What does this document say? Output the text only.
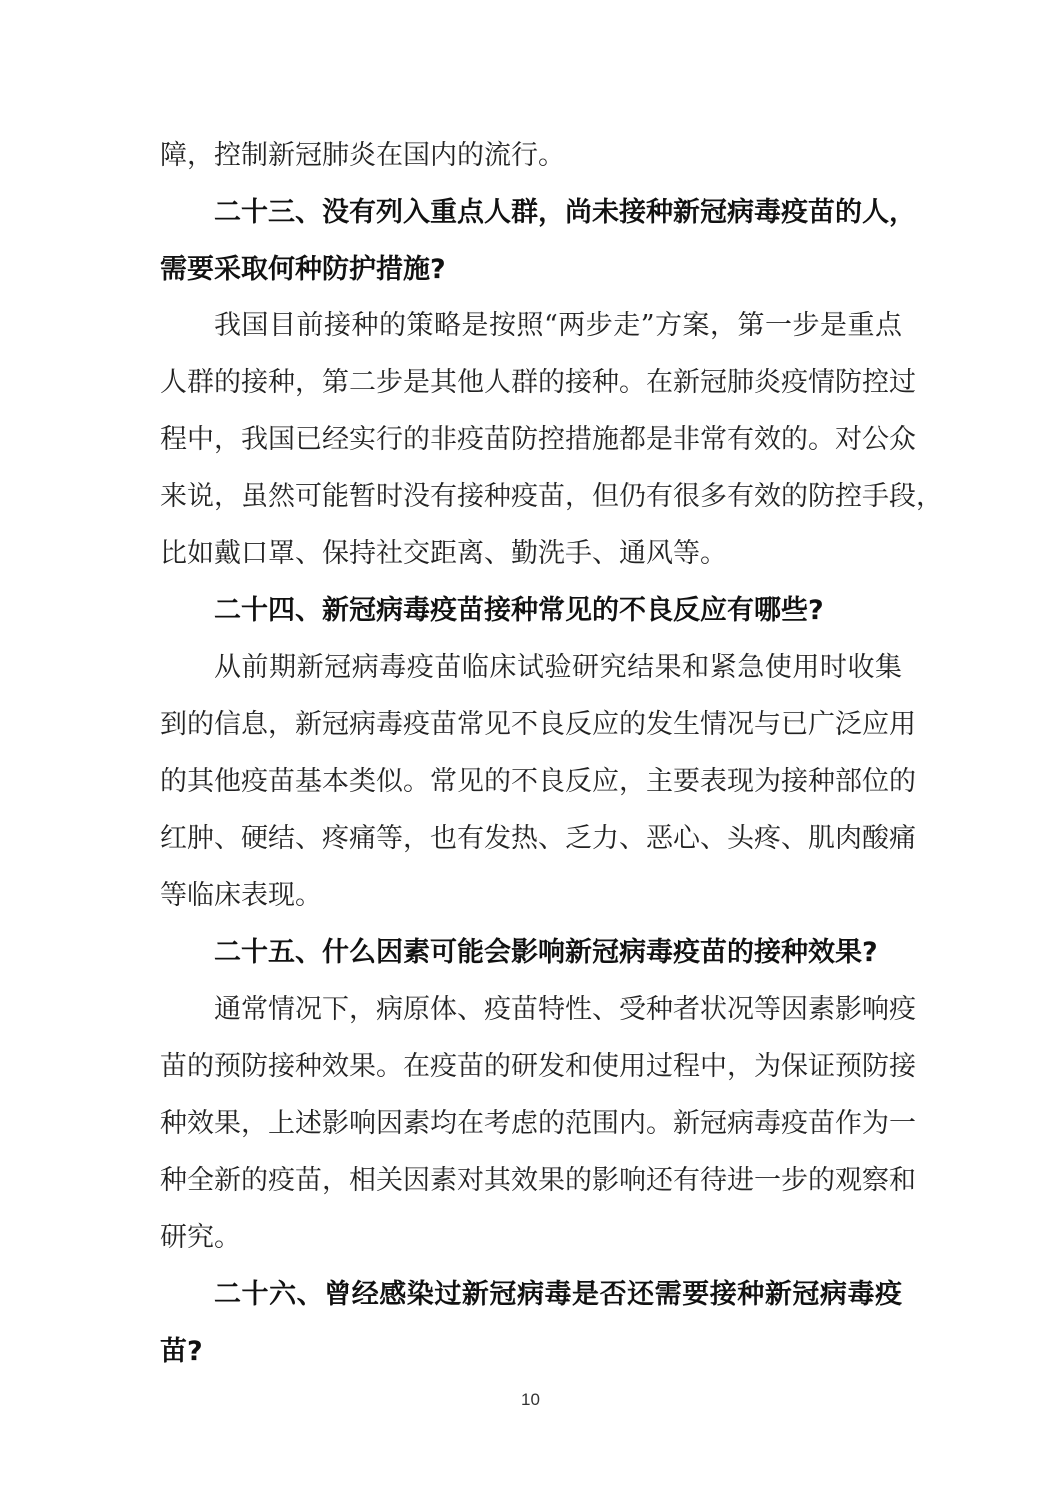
障，控制新冠肺炎在国内的流行。
二十三、没有列入重点人群，尚未接种新冠病毒疫苗的人，
需要采取何种防护措施?
我国目前接种的策略是按照“两步走”方案，第一步是重点
人群的接种，第二步是其他人群的接种。在新冠肺炎疫情防控过
程中，我国已经实行的非疫苗防控措施都是非常有效的。对公众
来说，虽然可能暂时没有接种疫苗，但仍有很多有效的防控手段，
比如戴口罩、保持社交距离、勤洗手、通风等。
二十四、新冠病毒疫苗接种常见的不良反应有哪些?
从前期新冠病毒疫苗临床试验研究结果和紧急使用时收集
到的信息，新冠病毒疫苗常见不良反应的发生情况与已广泛应用
的其他疫苗基本类似。常见的不良反应，主要表现为接种部位的
红肿、硬结、疼痛等，也有发热、乏力、恶心、头疼、肌肉酸痛
等临床表现。
二十五、什么因素可能会影响新冠病毒疫苗的接种效果?
通常情况下，病原体、疫苗特性、受种者状况等因素影响疫
苗的预防接种效果。在疫苗的研发和使用过程中，为保证预防接
种效果，上述影响因素均在考虑的范围内。新冠病毒疫苗作为一
种全新的疫苗，相关因素对其效果的影响还有待进一步的观察和
研究。
二十六、曾经感染过新冠病毒是否还需要接种新冠病毒疫
苗?
10
